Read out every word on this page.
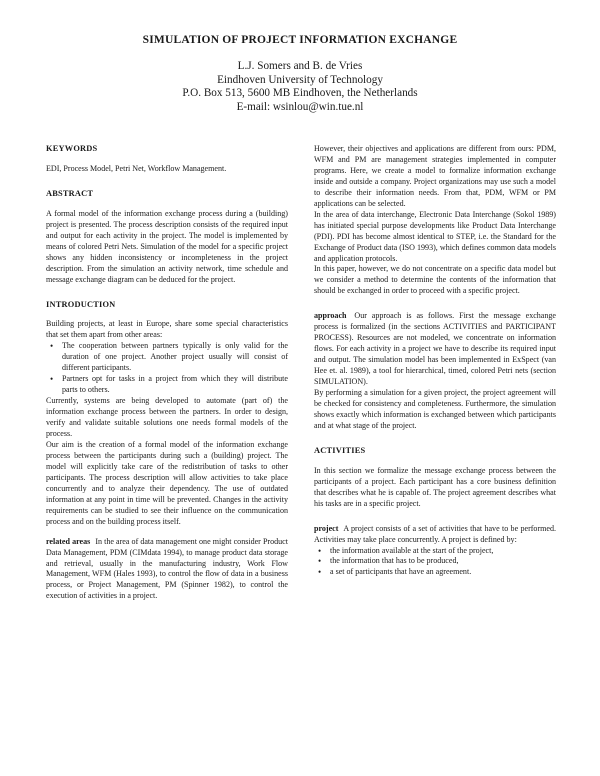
SIMULATION OF PROJECT INFORMATION EXCHANGE
L.J. Somers and B. de Vries
Eindhoven University of Technology
P.O. Box 513, 5600 MB Eindhoven, the Netherlands
E-mail: wsinlou@win.tue.nl
KEYWORDS

EDI, Process Model, Petri Net, Workflow Management.

ABSTRACT

A formal model of the information exchange process during a (building) project is presented. The process description consists of the required input and output for each activity in the project. The model is implemented by means of colored Petri Nets. Simulation of the model for a specific project shows any hidden inconsistency or incompleteness in the project description. From the simulation an activity network, time schedule and message exchange diagram can be deduced for the project.

INTRODUCTION

Building projects, at least in Europe, share some special characteristics that set them apart from other areas:

• The cooperation between partners typically is only valid for the duration of one project. Another project usually will consist of different participants.
• Partners opt for tasks in a project from which they will distribute parts to others.

Currently, systems are being developed to automate (part of) the information exchange process between the partners. In order to design, verify and validate suitable solutions one needs formal models of the process.

Our aim is the creation of a formal model of the information exchange process between the participants during such a (building) project. The model will explicitly take care of the redistribution of tasks to other participants. The process description will allow activities to take place concurrently and to analyze their dependency. The use of outdated information at any point in time will be prevented. Changes in the activity requirements can be studied to see their influence on the communication process and on the building process itself.

related areas In the area of data management one might consider Product Data Management, PDM (CIMdata 1994), to manage product data storage and retrieval, usually in the manufacturing industry, Work Flow Management, WFM (Hales 1993), to control the flow of data in a business process, or Project Management, PM (Spinner 1982), to control the execution of activities in a project.

However, their objectives and applications are different from ours: PDM, WFM and PM are management strategies implemented in computer programs. Here, we create a model to formalize information exchange inside and outside a company. Project organizations may use such a model to describe their information needs. From that, PDM, WFM or PM applications can be selected.

In the area of data interchange, Electronic Data Interchange (Sokol 1989) has initiated special purpose developments like Product Data Interchange (PDI). PDI has become almost identical to STEP, i.e. the Standard for the Exchange of Product data (ISO 1993), which defines common data models and application protocols.

In this paper, however, we do not concentrate on a specific data model but we consider a method to determine the contents of the information that should be exchanged in order to proceed with a specific project.

approach Our approach is as follows. First the message exchange process is formalized (in the sections ACTIVITIES and PARTICIPANT PROCESS). Resources are not modeled, we concentrate on information flows. For each activity in a project we have to describe its required input and output. The simulation model has been implemented in ExSpect (van Hee et. al. 1989), a tool for hierarchical, timed, colored Petri nets (section SIMULATION).

By performing a simulation for a given project, the project agreement will be checked for consistency and completeness. Furthermore, the simulation shows exactly which information is exchanged between which participants and at what stage of the project.

ACTIVITIES

In this section we formalize the message exchange process between the participants of a project. Each participant has a core business definition that describes what he is capable of. The project agreement describes what his tasks are in a specific project.

project A project consists of a set of activities that have to be performed. Activities may take place concurrently. A project is defined by:

• the information available at the start of the project,
• the information that has to be produced,
• a set of participants that have an agreement.
